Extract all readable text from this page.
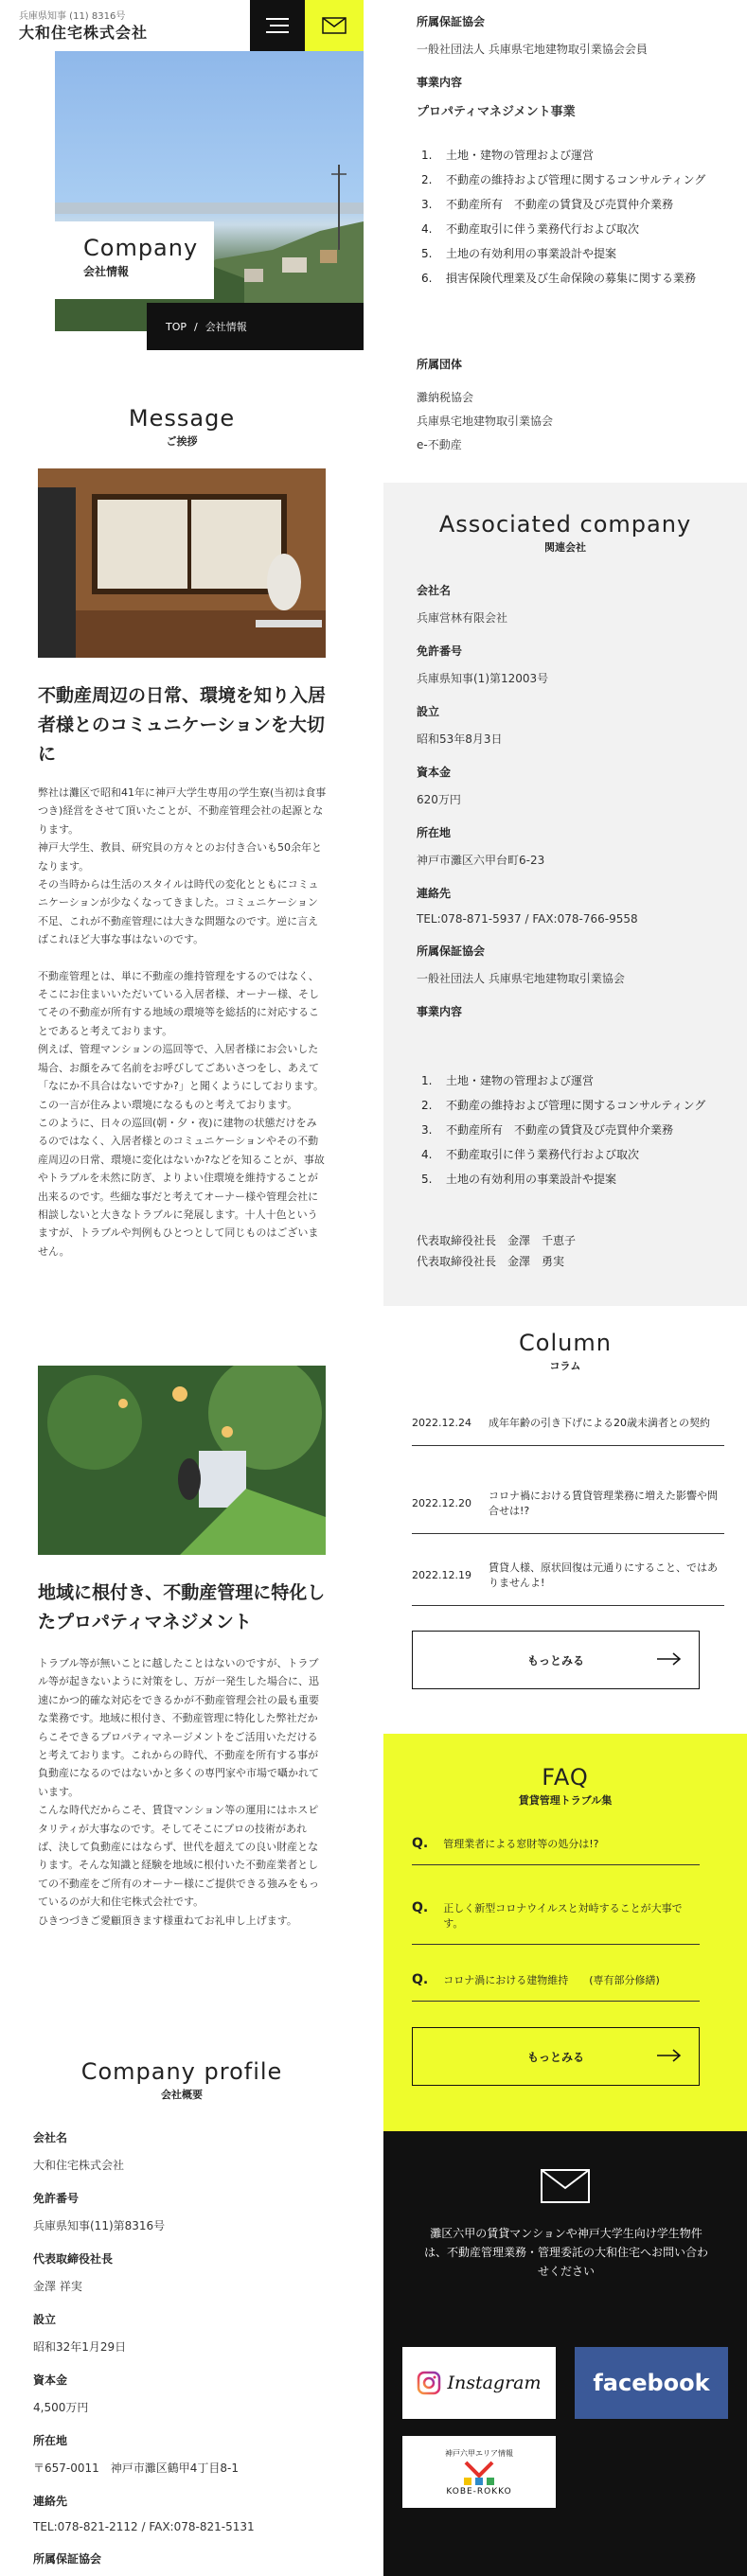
兵庫県知事 (11) 8316号
大和住宅株式会社
Company
会社情報
TOP / 会社情報
Message
ご挨拶
不動産周辺の日常、環境を知り入居者様とのコミュニケーションを大切に

弊社は灘区で昭和41年に神戸大学生専用の学生寮(当初は食事つき)経営をさせて頂いたことが、不動産管理会社の起源となります。
神戸大学生、教員、研究員の方々とのお付き合いも50余年となります。
その当時からは生活のスタイルは時代の変化とともにコミュニケーションが少なくなってきました。コミュニケーション不足、これが不動産管理には大きな問題なのです。逆に言えばこれほど大事な事はないのです。

不動産管理とは、単に不動産の維持管理をするのではなく、そこにお住まいいただいている入居者様、オーナー様、そしてその不動産が所有する地域の環境等を総括的に対応することであると考えております。
例えば、管理マンションの巡回等で、入居者様にお会いした場合、お顔をみて名前をお呼びしてごあいさつをし、あえて「なにか不具合はないですか?」と聞くようにしております。この一言が住みよい環境になるものと考えております。
このように、日々の巡回(朝・夕・夜)に建物の状態だけをみるのではなく、入居者様とのコミュニケーションやその不動産周辺の日常、環境に変化はないか?などを知ることが、事故やトラブルを未然に防ぎ、よりよい住環境を維持することが出来るのです。些細な事だと考えてオーナー様や管理会社に相談しないと大きなトラブルに発展します。十人十色というますが、トラブルや判例もひとつとして同じものはございません。

地域に根付き、不動産管理に特化したプロパティマネジメント

トラブル等が無いことに越したことはないのですが、トラブル等が起きないように対策をし、万が一発生した場合に、迅速にかつ的確な対応をできるかが不動産管理会社の最も重要な業務です。地域に根付き、不動産管理に特化した弊社だからこそできるプロパティマネージメントをご活用いただけると考えております。これからの時代、不動産を所有する事が負動産になるのではないかと多くの専門家や市場で囁かれています。
こんな時代だからこそ、賃貸マンション等の運用にはホスピタリティが大事なのです。そしてそこにプロの技術があれば、決して負動産にはならず、世代を超えての良い財産となります。そんな知識と経験を地域に根付いた不動産業者としての不動産をご所有のオーナー様にご提供できる強みをもっているのが大和住宅株式会社です。
ひきつづきご愛顧頂きます様重ねてお礼申し上げます。

Company profile
会社概要
会社名
大和住宅株式会社
免許番号
兵庫県知事(11)第8316号
代表取締役社長
金澤 祥実
設立
昭和32年1月29日
資本金
4,500万円
所在地
〒657-0011　神戸市灘区鶴甲4丁目8-1
連絡先
TEL:078-821-2112 / FAX:078-821-5131
所属保証協会
所属保証協会
一般社団法人 兵庫県宅地建物取引業協会会員
事業内容
プロパティマネジメント事業
1. 土地・建物の管理および運営
2. 不動産の維持および管理に関するコンサルティング
3. 不動産所有　不動産の賃貸及び売買仲介業務
4. 不動産取引に伴う業務代行および取次
5. 土地の有効利用の事業設計や提案
6. 損害保険代理業及び生命保険の募集に関する業務
所属団体
灘納税協会
兵庫県宅地建物取引業協会
e-不動産
Associated company
関連会社
会社名
兵庫営林有限会社
免許番号
兵庫県知事(1)第12003号
設立
昭和53年8月3日
資本金
620万円
所在地
神戸市灘区六甲台町6-23
連絡先
TEL:078-871-5937 / FAX:078-766-9558
所属保証協会
一般社団法人 兵庫県宅地建物取引業協会
事業内容
1. 土地・建物の管理および運営
2. 不動産の維持および管理に関するコンサルティング
3. 不動産所有　不動産の賃貸及び売買仲介業務
4. 不動産取引に伴う業務代行および取次
5. 土地の有効利用の事業設計や提案
代表取締役社長　金澤　千恵子
代表取締役社長　金澤　勇実
Column
コラム
2022.12.24 成年年齢の引き下げによる20歳未満者との契約
2022.12.20
コロナ禍における賃貸管理業務に増えた影響や問合せは!?
2022.12.19
賃貸人様、原状回復は元通りにすること、ではありませんよ!
もっとみる
FAQ
賃貸管理トラブル集
Q. 管理業者による窓財等の処分は!?
Q. 正しく新型コロナウイルスと対峙することが大事です。
Q. コロナ渦における建物維持　　(専有部分修繕)
もっとみる
灘区六甲の賃貸マンションや神戸大学生向け学生物件は、不動産管理業務・管理委託の大和住宅へお問い合わせください
Instagram facebook
神戸六甲エリア情報
KOBE-ROKKO
